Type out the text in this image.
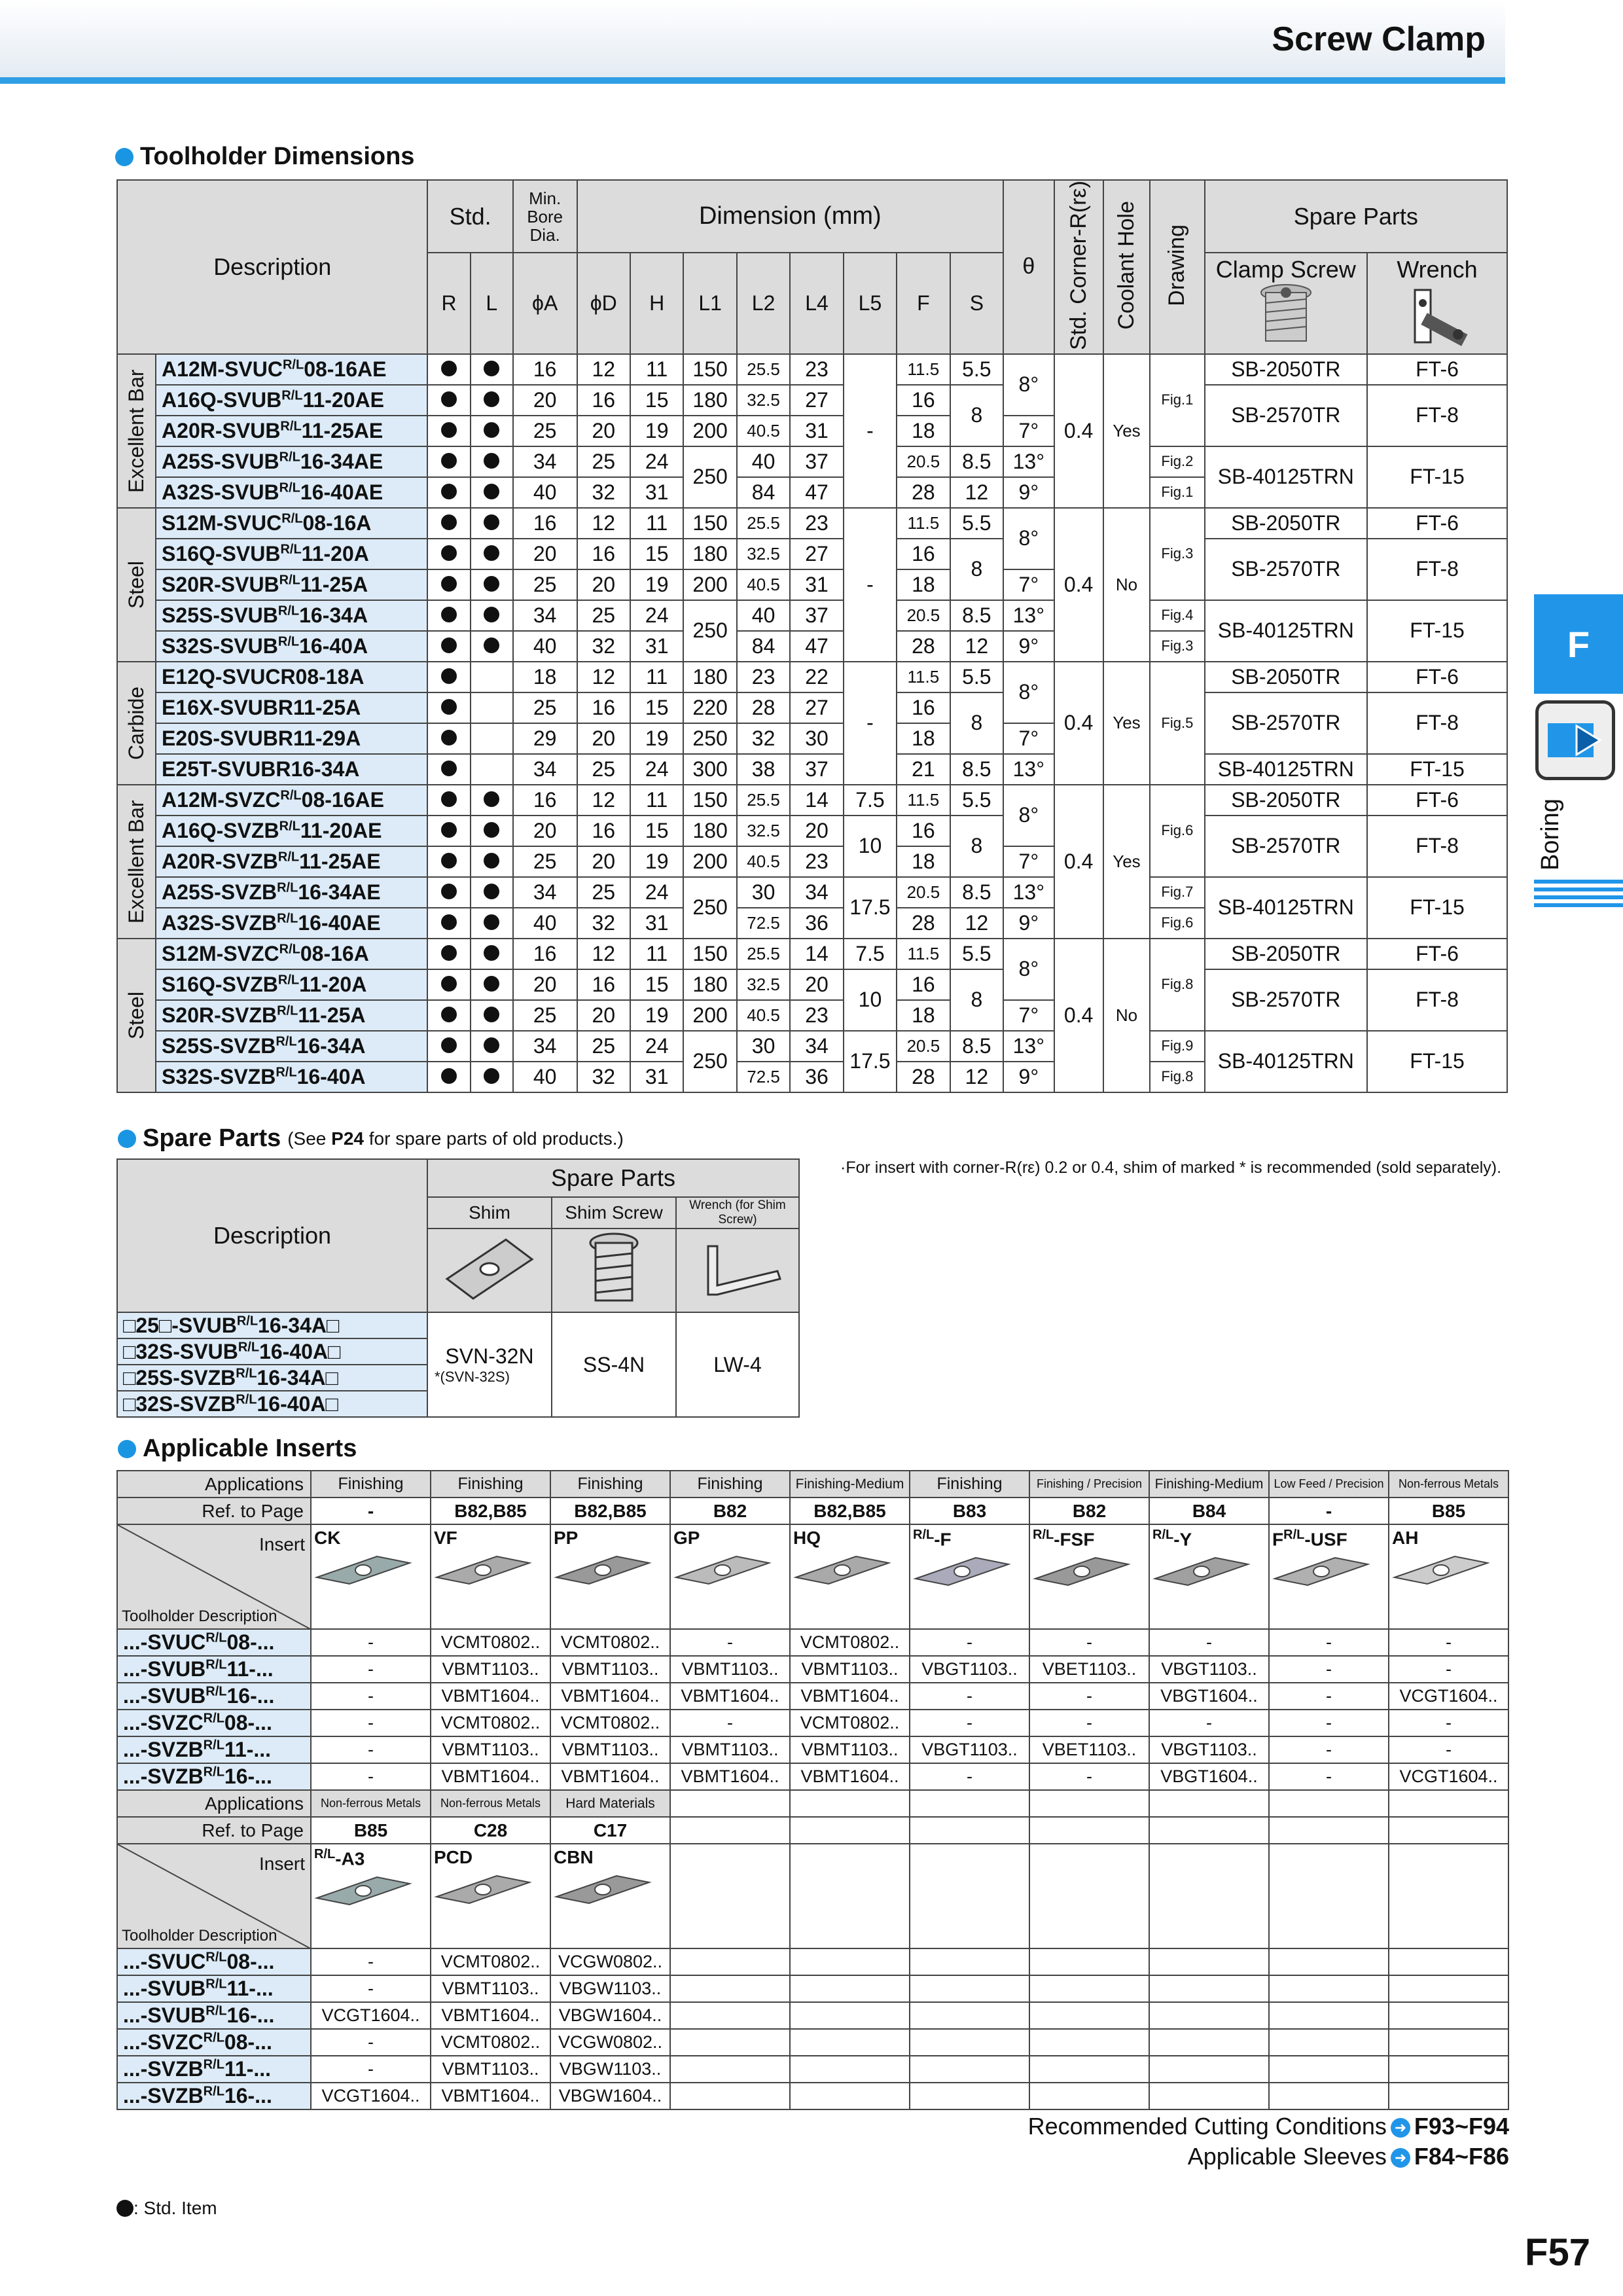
Screw Clamp
F
Boring
Toolholder Dimensions
Description		Std.		Min. Bore Dia.	Dimension (mm)								θ	Std. Corner-R(rε)	Coolant Hole	Drawing	Spare Parts	
		R	L	ϕA	ϕD	H	L1	L2	L4	L5	F	S					Clamp Screw	Wrench

Excellent Bar	$A12M-SVUC^{R/L}08-16AE$			16	12	11	150	25.5	23	-	11.5	5.5	8°	0.4	Yes	Fig.1	SB-2050TR	FT-6
	$A16Q-SVUB^{R/L}11-20AE$			20	16	15	180	32.5	27		16	8					SB-2570TR	FT-8
	$A20R-SVUB^{R/L}11-25AE$			25	20	19	200	40.5	31		18		7°					
	$A25S-SVUB^{R/L}16-34AE$			34	25	24	250	40	37		20.5	8.5	13°			Fig.2	SB-40125TRN	FT-15
	$A32S-SVUB^{R/L}16-40AE$			40	32	31		84	47		28	12	9°			Fig.1		
Steel	$S12M-SVUC^{R/L}08-16A$			16	12	11	150	25.5	23	-	11.5	5.5	8°	0.4	No	Fig.3	SB-2050TR	FT-6
	$S16Q-SVUB^{R/L}11-20A$			20	16	15	180	32.5	27		16	8					SB-2570TR	FT-8
	$S20R-SVUB^{R/L}11-25A$			25	20	19	200	40.5	31		18		7°					
	$S25S-SVUB^{R/L}16-34A$			34	25	24	250	40	37		20.5	8.5	13°			Fig.4	SB-40125TRN	FT-15
	$S32S-SVUB^{R/L}16-40A$			40	32	31		84	47		28	12	9°			Fig.3		
Carbide	E12Q-SVUCR08-18A			18	12	11	180	23	22	-	11.5	5.5	8°	0.4	Yes	Fig.5	SB-2050TR	FT-6
	E16X-SVUBR11-25A			25	16	15	220	28	27		16	8					SB-2570TR	FT-8
	E20S-SVUBR11-29A			29	20	19	250	32	30		18		7°					
	E25T-SVUBR16-34A			34	25	24	300	38	37		21	8.5	13°				SB-40125TRN	FT-15
Excellent Bar	$A12M-SVZC^{R/L}08-16AE$			16	12	11	150	25.5	14	7.5	11.5	5.5	8°	0.4	Yes	Fig.6	SB-2050TR	FT-6
	$A16Q-SVZB^{R/L}11-20AE$			20	16	15	180	32.5	20	10	16	8					SB-2570TR	FT-8
	$A20R-SVZB^{R/L}11-25AE$			25	20	19	200	40.5	23		18		7°					
	$A25S-SVZB^{R/L}16-34AE$			34	25	24	250	30	34	17.5	20.5	8.5	13°			Fig.7	SB-40125TRN	FT-15
	$A32S-SVZB^{R/L}16-40AE$			40	32	31		72.5	36		28	12	9°			Fig.6		
Steel	$S12M-SVZC^{R/L}08-16A$			16	12	11	150	25.5	14	7.5	11.5	5.5	8°	0.4	No	Fig.8	SB-2050TR	FT-6
	$S16Q-SVZB^{R/L}11-20A$			20	16	15	180	32.5	20	10	16	8					SB-2570TR	FT-8
	$S20R-SVZB^{R/L}11-25A$			25	20	19	200	40.5	23		18		7°					
	$S25S-SVZB^{R/L}16-34A$			34	25	24	250	30	34	17.5	20.5	8.5	13°			Fig.9	SB-40125TRN	FT-15
	$S32S-SVZB^{R/L}16-40A$			40	32	31		72.5	36		28	12	9°			Fig.8		
Spare Parts (See P24 for spare parts of old products.)
·For insert with corner-R(rε) 0.2 or 0.4, shim of marked * is recommended (sold separately).
Description	Spare Parts		
	Shim	Shim Screw	Wrench (for Shim Screw)

$□25□-SVUB^{R/L}16-34A□$	SVN-32N
*(SVN-32S)	SS-4N	LW-4
$□32S-SVUB^{R/L}16-40A□$			
$□25S-SVZB^{R/L}16-34A□$			
$□32S-SVZB^{R/L}16-40A□$			
Applicable Inserts
Applications	Finishing	Finishing	Finishing	Finishing	Finishing-Medium	Finishing	Finishing / Precision	Finishing-Medium	Low Feed / Precision	Non-ferrous Metals
Ref. to Page	-	B82,B85	B82,B85	B82	B82,B85	B83	B82	B84	-	B85

Insert
Toolholder Description	CK	VF	PP	GP	HQ	$^{R/L}$-F	$^{R/L}$-FSF	$^{R/L}$-Y	$F^{R/L}$-USF	AH

$...-SVUC^{R/L}08-$...	-	VCMT0802..	VCMT0802..	-	VCMT0802..	-	-	-	-	-
$...-SVUB^{R/L}11-$...	-	VBMT1103..	VBMT1103..	VBMT1103..	VBMT1103..	VBGT1103..	VBET1103..	VBGT1103..	-	-
$...-SVUB^{R/L}16-$...	-	VBMT1604..	VBMT1604..	VBMT1604..	VBMT1604..	-	-	VBGT1604..	-	VCGT1604..
$...-SVZC^{R/L}08-$...	-	VCMT0802..	VCMT0802..	-	VCMT0802..	-	-	-	-	-
$...-SVZB^{R/L}11-$...	-	VBMT1103..	VBMT1103..	VBMT1103..	VBMT1103..	VBGT1103..	VBET1103..	VBGT1103..	-	-
$...-SVZB^{R/L}16-$...	-	VBMT1604..	VBMT1604..	VBMT1604..	VBMT1604..	-	-	VBGT1604..	-	VCGT1604..
Applications	Non-ferrous Metals	Non-ferrous Metals	Hard Materials							
Ref. to Page	B85	C28	C17							

Insert
Toolholder Description	$^{R/L}$-A3	PCD	CBN							

$...-SVUC^{R/L}08-$...	-	VCMT0802..	VCGW0802..							
$...-SVUB^{R/L}11-$...	-	VBMT1103..	VBGW1103..							
$...-SVUB^{R/L}16-$...	VCGT1604..	VBMT1604..	VBGW1604..							
$...-SVZC^{R/L}08-$...	-	VCMT0802..	VCGW0802..							
$...-SVZB^{R/L}11-$...	-	VBMT1103..	VBGW1103..							
$...-SVZB^{R/L}16-$...	VCGT1604..	VBMT1604..	VBGW1604..							
Recommended Cutting Conditions ➜ F93~F94
Applicable Sleeves ➜ F84~F86
: Std. Item
F57
